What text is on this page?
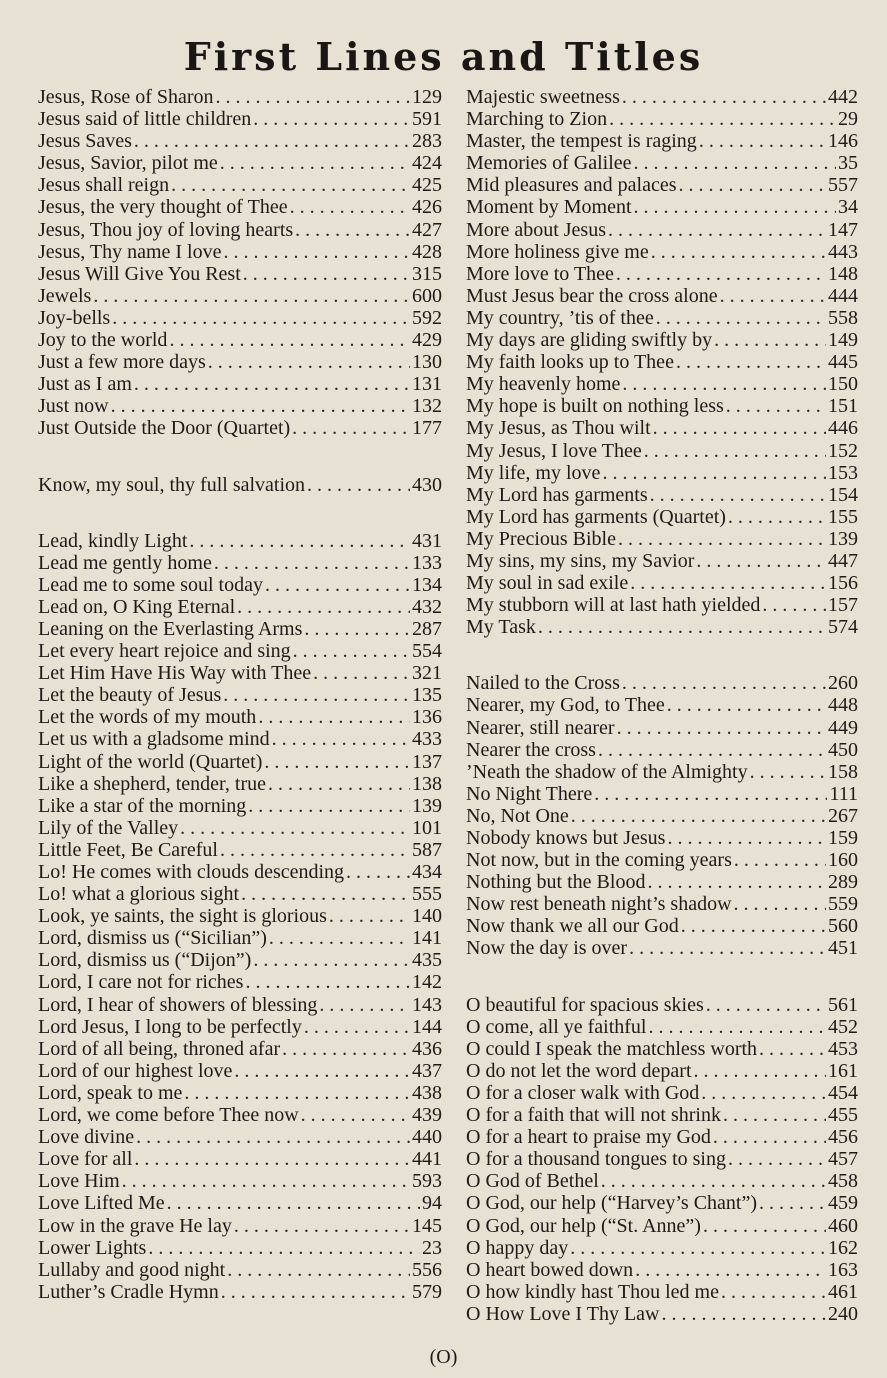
First Lines and Titles
Jesus, Rose of Sharon . . .	129
Jesus said of little children . . .	591
Jesus Saves . . .	283
Jesus, Savior, pilot me . . .	424
Jesus shall reign . . .	425
Jesus, the very thought of Thee . . .	426
Jesus, Thou joy of loving hearts . . .	427
Jesus, Thy name I love . . .	428
Jesus Will Give You Rest . . .	315
Jewels . . .	600
Joy-bells . . .	592
Joy to the world . . .	429
Just a few more days . . .	130
Just as I am . . .	131
Just now . . .	132
Just Outside the Door (Quartet) . . .	177
Know, my soul, thy full salvation . . .	430
Lead, kindly Light . . .	431
Lead me gently home . . .	133
Lead me to some soul today . . .	134
Lead on, O King Eternal . . .	432
Leaning on the Everlasting Arms . . .	287
Let every heart rejoice and sing . . .	554
Let Him Have His Way with Thee . . .	321
Let the beauty of Jesus . . .	135
Let the words of my mouth . . .	136
Let us with a gladsome mind . . .	433
Light of the world (Quartet) . . .	137
Like a shepherd, tender, true . . .	138
Like a star of the morning . . .	139
Lily of the Valley . . .	101
Little Feet, Be Careful . . .	587
Lo! He comes with clouds descending . . .	434
Lo! what a glorious sight . . .	555
Look, ye saints, the sight is glorious . . .	140
Lord, dismiss us (“Sicilian”) . . .	141
Lord, dismiss us (“Dijon”) . . .	435
Lord, I care not for riches . . .	142
Lord, I hear of showers of blessing . . .	143
Lord Jesus, I long to be perfectly . . .	144
Lord of all being, throned afar . . .	436
Lord of our highest love . . .	437
Lord, speak to me . . .	438
Lord, we come before Thee now . . .	439
Love divine . . .	440
Love for all . . .	441
Love Him . . .	593
Love Lifted Me . . .	94
Low in the grave He lay . . .	145
Lower Lights . . .	23
Lullaby and good night . . .	556
Luther’s Cradle Hymn . . .	579
Majestic sweetness . . .	442
Marching to Zion . . .	29
Master, the tempest is raging . . .	146
Memories of Galilee . . .	35
Mid pleasures and palaces . . .	557
Moment by Moment . . .	34
More about Jesus . . .	147
More holiness give me . . .	443
More love to Thee . . .	148
Must Jesus bear the cross alone . . .	444
My country, ’tis of thee . . .	558
My days are gliding swiftly by . . .	149
My faith looks up to Thee . . .	445
My heavenly home . . .	150
My hope is built on nothing less . . .	151
My Jesus, as Thou wilt . . .	446
My Jesus, I love Thee . . .	152
My life, my love . . .	153
My Lord has garments . . .	154
My Lord has garments (Quartet) . . .	155
My Precious Bible . . .	139
My sins, my sins, my Savior . . .	447
My soul in sad exile . . .	156
My stubborn will at last hath yielded . . .	157
My Task . . .	574
Nailed to the Cross . . .	260
Nearer, my God, to Thee . . .	448
Nearer, still nearer . . .	449
Nearer the cross . . .	450
’Neath the shadow of the Almighty . . .	158
No Night There . . .	111
No, Not One . . .	267
Nobody knows but Jesus . . .	159
Not now, but in the coming years . . .	160
Nothing but the Blood . . .	289
Now rest beneath night’s shadow . . .	559
Now thank we all our God . . .	560
Now the day is over . . .	451
O beautiful for spacious skies . . .	561
O come, all ye faithful . . .	452
O could I speak the matchless worth . . .	453
O do not let the word depart . . .	161
O for a closer walk with God . . .	454
O for a faith that will not shrink . . .	455
O for a heart to praise my God . . .	456
O for a thousand tongues to sing . . .	457
O God of Bethel . . .	458
O God, our help (“Harvey’s Chant”) . . .	459
O God, our help (“St. Anne”) . . .	460
O happy day . . .	162
O heart bowed down . . .	163
O how kindly hast Thou led me . . .	461
O How Love I Thy Law . . .	240
(O)
